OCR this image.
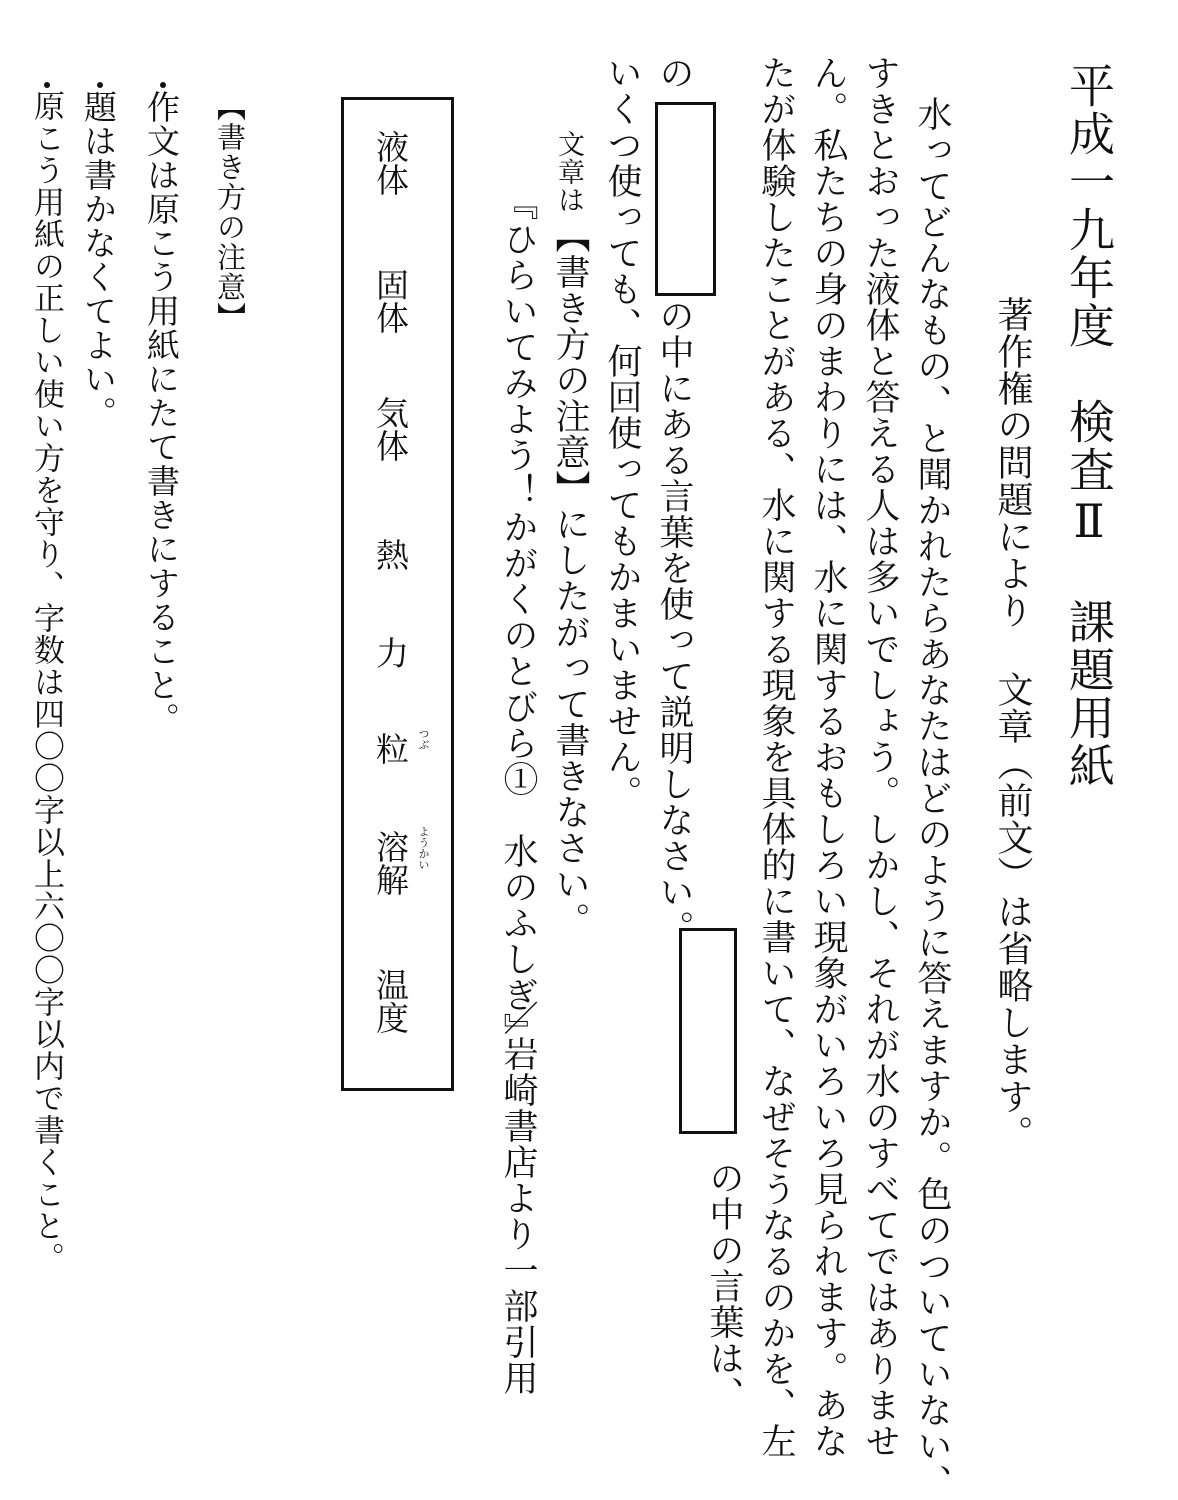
平成一九年度　検査Ⅱ　課題用紙
著作権の問題により 文章（前文）は省略します。
水ってどんなもの、と聞かれたらあなたはどのように答えますか。色のついていない、
すきとおった液体と答える人は多いでしょう。しかし、それが水のすべてではありませ
ん。私たちの身のまわりには、水に関するおもしろい現象がいろいろ見られます。あな
たが体験したことがある、水に関する現象を具体的に書いて、なぜそうなるのかを、左
の中の言葉は、
の
の中にある言葉を使って説明しなさい。
いくつ使っても、何回使ってもかまいません。
文章は
【書き方の注意】にしたがって書きなさい。
『ひらいてみよう！かがくのとびら①　水のふしぎ』
／岩崎書店
より一部引用
液体
固体
気体
熱
力
粒 つぶ
溶解 ようかい
温度
【書き方の注意】
作文は原こう用紙にたて書きにすること。
題は書かなくてよい。
原こう用紙の正しい使い方を守り、字数は四〇〇字以上六〇〇字以内で書くこと。
